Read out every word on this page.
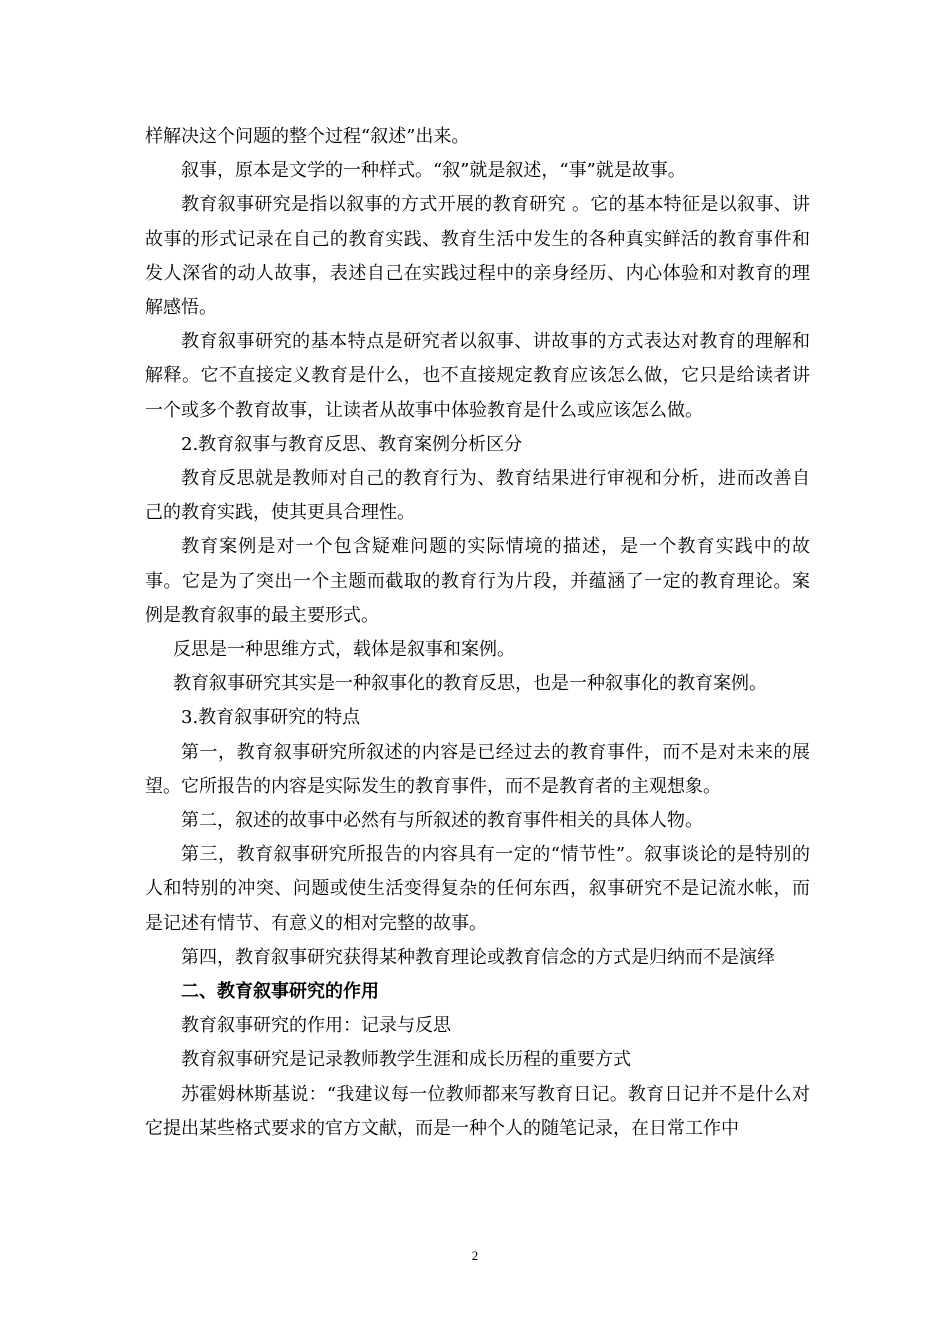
样解决这个问题的整个过程“叙述”出来。

叙事，原本是文学的一种样式。“叙”就是叙述，“事”就是故事。

教育叙事研究是指以叙事的方式开展的教育研究 。它的基本特征是以叙事、讲故事的形式记录在自己的教育实践、教育生活中发生的各种真实鲜活的教育事件和发人深省的动人故事，表述自己在实践过程中的亲身经历、内心体验和对教育的理解感悟。

教育叙事研究的基本特点是研究者以叙事、讲故事的方式表达对教育的理解和解释。它不直接定义教育是什么，也不直接规定教育应该怎么做，它只是给读者讲一个或多个教育故事，让读者从故事中体验教育是什么或应该怎么做。

2.教育叙事与教育反思、教育案例分析区分

教育反思就是教师对自己的教育行为、教育结果进行审视和分析，进而改善自己的教育实践，使其更具合理性。

教育案例是对一个包含疑难问题的实际情境的描述，是一个教育实践中的故事。它是为了突出一个主题而截取的教育行为片段，并蕴涵了一定的教育理论。案例是教育叙事的最主要形式。

反思是一种思维方式，载体是叙事和案例。

教育叙事研究其实是一种叙事化的教育反思，也是一种叙事化的教育案例。

3.教育叙事研究的特点

第一，教育叙事研究所叙述的内容是已经过去的教育事件，而不是对未来的展望。它所报告的内容是实际发生的教育事件，而不是教育者的主观想象。

第二，叙述的故事中必然有与所叙述的教育事件相关的具体人物。

第三，教育叙事研究所报告的内容具有一定的“情节性”。叙事谈论的是特别的人和特别的冲突、问题或使生活变得复杂的任何东西，叙事研究不是记流水帐，而是记述有情节、有意义的相对完整的故事。

第四，教育叙事研究获得某种教育理论或教育信念的方式是归纳而不是演绎

二、教育叙事研究的作用

教育叙事研究的作用：记录与反思

教育叙事研究是记录教师教学生涯和成长历程的重要方式

苏霍姆林斯基说：“我建议每一位教师都来写教育日记。教育日记并不是什么对它提出某些格式要求的官方文献，而是一种个人的随笔记录，在日常工作中

2
